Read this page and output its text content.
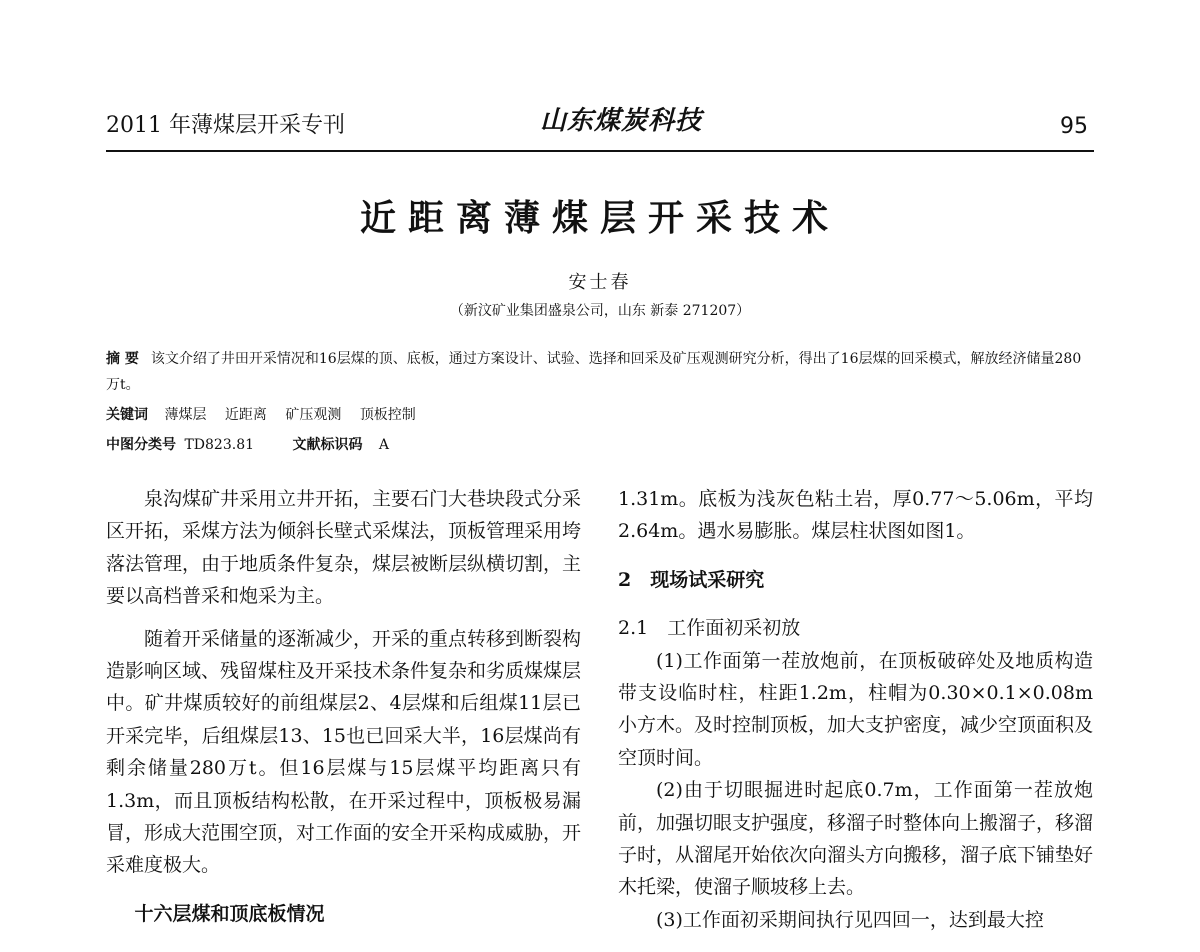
2011 年薄煤层开采专刊	山东煤炭科技	95
近距离薄煤层开采技术
安士春
（新汶矿业集团盛泉公司，山东 新泰 271207）
摘 要 该文介绍了井田开采情况和16层煤的顶、底板，通过方案设计、试验、选择和回采及矿压观测研究分析，得出了16层煤的回采模式，解放经济储量280万t。
关键词 薄煤层 近距离 矿压观测 顶板控制
中图分类号 TD823.81	文献标识码 A

泉沟煤矿井采用立井开拓，主要石门大巷块段式分采区开拓，采煤方法为倾斜长壁式采煤法，顶板管理采用垮落法管理，由于地质条件复杂，煤层被断层纵横切割，主要以高档普采和炮采为主。

随着开采储量的逐渐减少，开采的重点转移到断裂构造影响区域、残留煤柱及开采技术条件复杂和劣质煤煤层中。矿井煤质较好的前组煤层2、4层煤和后组煤11层已开采完毕，后组煤层13、15也已回采大半，16层煤尚有剩余储量280万t。但16层煤与15层煤平均距离只有1.3m，而且顶板结构松散，在开采过程中，顶板极易漏冒，形成大范围空顶，对工作面的安全开采构成威胁，开采难度极大。

十六层煤和顶底板情况

1.31m。底板为浅灰色粘土岩，厚0.77～5.06m，平均2.64m。遇水易膨胀。煤层柱状图如图1。

2　现场试采研究

2.1　工作面初采初放

(1)工作面第一茬放炮前，在顶板破碎处及地质构造带支设临时柱，柱距1.2m，柱帽为0.30×0.1×0.08m小方木。及时控制顶板，加大支护密度，减少空顶面积及空顶时间。

(2)由于切眼掘进时起底0.7m，工作面第一茬放炮前，加强切眼支护强度，移溜子时整体向上搬溜子，移溜子时，从溜尾开始依次向溜头方向搬移，溜子底下铺垫好木托梁，使溜子顺坡移上去。

(3)工作面初采期间执行见四回一，达到最大控
